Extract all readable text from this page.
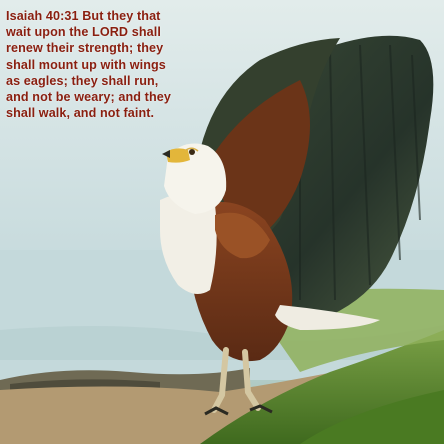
Isaiah 40:31 But they that
wait upon the LORD shall
renew their strength; they
shall mount up with wings
as eagles; they shall run,
and not be weary; and they
shall walk, and not faint.
